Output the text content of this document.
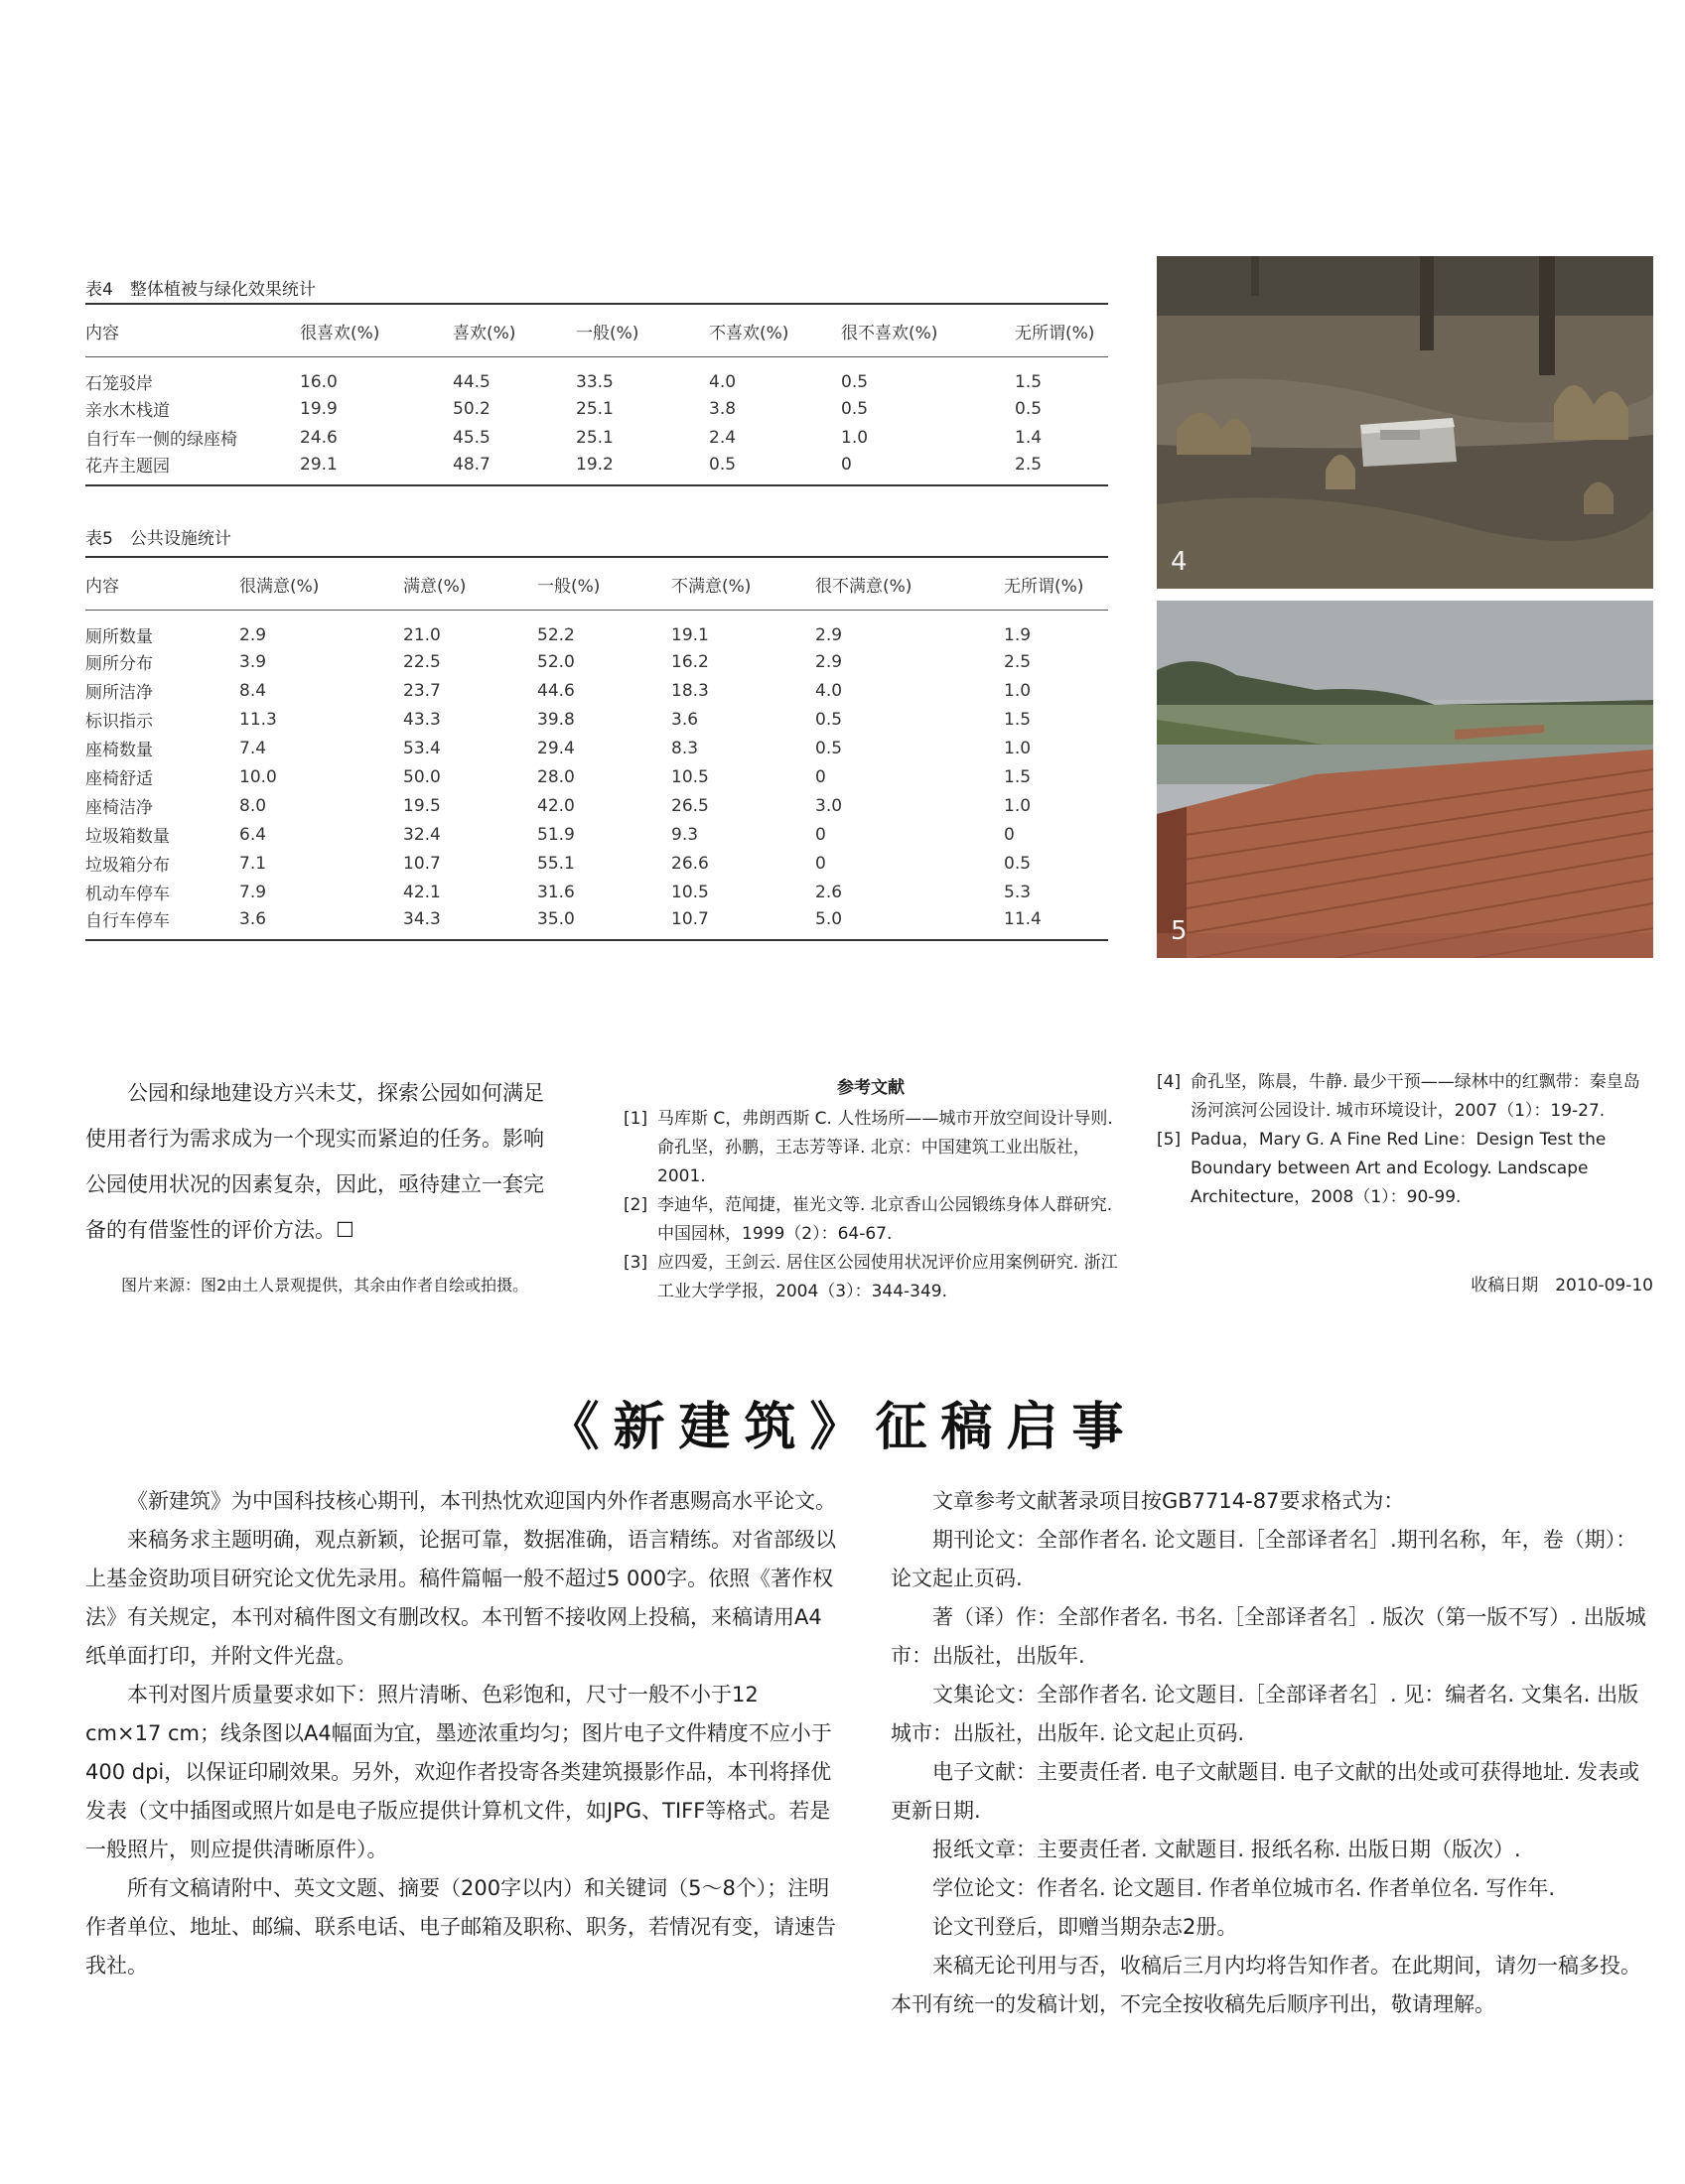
表4　整体植被与绿化效果统计
内容	很喜欢(%)	喜欢(%)	一般(%)	不喜欢(%)	很不喜欢(%)	无所谓(%)
石笼驳岸	16.0	44.5	33.5	4.0	0.5	1.5
亲水木栈道	19.9	50.2	25.1	3.8	0.5	0.5
自行车一侧的绿座椅	24.6	45.5	25.1	2.4	1.0	1.4
花卉主题园	29.1	48.7	19.2	0.5	0	2.5
表5　公共设施统计
内容	很满意(%)	满意(%)	一般(%)	不满意(%)	很不满意(%)	无所谓(%)
厕所数量	2.9	21.0	52.2	19.1	2.9	1.9
厕所分布	3.9	22.5	52.0	16.2	2.9	2.5
厕所洁净	8.4	23.7	44.6	18.3	4.0	1.0
标识指示	11.3	43.3	39.8	3.6	0.5	1.5
座椅数量	7.4	53.4	29.4	8.3	0.5	1.0
座椅舒适	10.0	50.0	28.0	10.5	0	1.5
座椅洁净	8.0	19.5	42.0	26.5	3.0	1.0
垃圾箱数量	6.4	32.4	51.9	9.3	0	0
垃圾箱分布	7.1	10.7	55.1	26.6	0	0.5
机动车停车	7.9	42.1	31.6	10.5	2.6	5.3
自行车停车	3.6	34.3	35.0	10.7	5.0	11.4
4
5

公园和绿地建设方兴未艾，探索公园如何满足使用者行为需求成为一个现实而紧迫的任务。影响公园使用状况的因素复杂，因此，亟待建立一套完备的有借鉴性的评价方法。☐

图片来源：图2由土人景观提供，其余由作者自绘或拍摄。
参考文献
[1] 马库斯 C，弗朗西斯 C. 人性场所——城市开放空间设计导则. 俞孔坚，孙鹏，王志芳等译. 北京：中国建筑工业出版社，2001.
[2] 李迪华，范闻捷，崔光文等. 北京香山公园锻练身体人群研究. 中国园林，1999（2）：64-67.
[3] 应四爱，王剑云. 居住区公园使用状况评价应用案例研究. 浙江工业大学学报，2004（3）：344-349.
[4] 俞孔坚，陈晨，牛静. 最少干预——绿林中的红飘带：秦皇岛汤河滨河公园设计. 城市环境设计，2007（1）：19-27.
[5] Padua，Mary G. A Fine Red Line：Design Test the Boundary between Art and Ecology. Landscape Architecture，2008（1）：90-99.
收稿日期　2010-09-10
《新建筑》征稿启事

《新建筑》为中国科技核心期刊，本刊热忱欢迎国内外作者惠赐高水平论文。

来稿务求主题明确，观点新颖，论据可靠，数据准确，语言精练。对省部级以上基金资助项目研究论文优先录用。稿件篇幅一般不超过5 000字。依照《著作权法》有关规定，本刊对稿件图文有删改权。本刊暂不接收网上投稿，来稿请用A4纸单面打印，并附文件光盘。

本刊对图片质量要求如下：照片清晰、色彩饱和，尺寸一般不小于12 cm×17 cm；线条图以A4幅面为宜，墨迹浓重均匀；图片电子文件精度不应小于400 dpi，以保证印刷效果。另外，欢迎作者投寄各类建筑摄影作品，本刊将择优发表（文中插图或照片如是电子版应提供计算机文件，如JPG、TIFF等格式。若是一般照片，则应提供清晰原件）。

所有文稿请附中、英文文题、摘要（200字以内）和关键词（5～8个）；注明作者单位、地址、邮编、联系电话、电子邮箱及职称、职务，若情况有变，请速告我社。

文章参考文献著录项目按GB7714-87要求格式为：

期刊论文：全部作者名. 论文题目.［全部译者名］.期刊名称，年，卷（期）：论文起止页码.

著（译）作：全部作者名. 书名.［全部译者名］. 版次（第一版不写）. 出版城市：出版社，出版年.

文集论文：全部作者名. 论文题目.［全部译者名］. 见：编者名. 文集名. 出版城市：出版社，出版年. 论文起止页码.

电子文献：主要责任者. 电子文献题目. 电子文献的出处或可获得地址. 发表或更新日期.

报纸文章：主要责任者. 文献题目. 报纸名称. 出版日期（版次）.

学位论文：作者名. 论文题目. 作者单位城市名. 作者单位名. 写作年.

论文刊登后，即赠当期杂志2册。

来稿无论刊用与否，收稿后三月内均将告知作者。在此期间，请勿一稿多投。本刊有统一的发稿计划，不完全按收稿先后顺序刊出，敬请理解。
